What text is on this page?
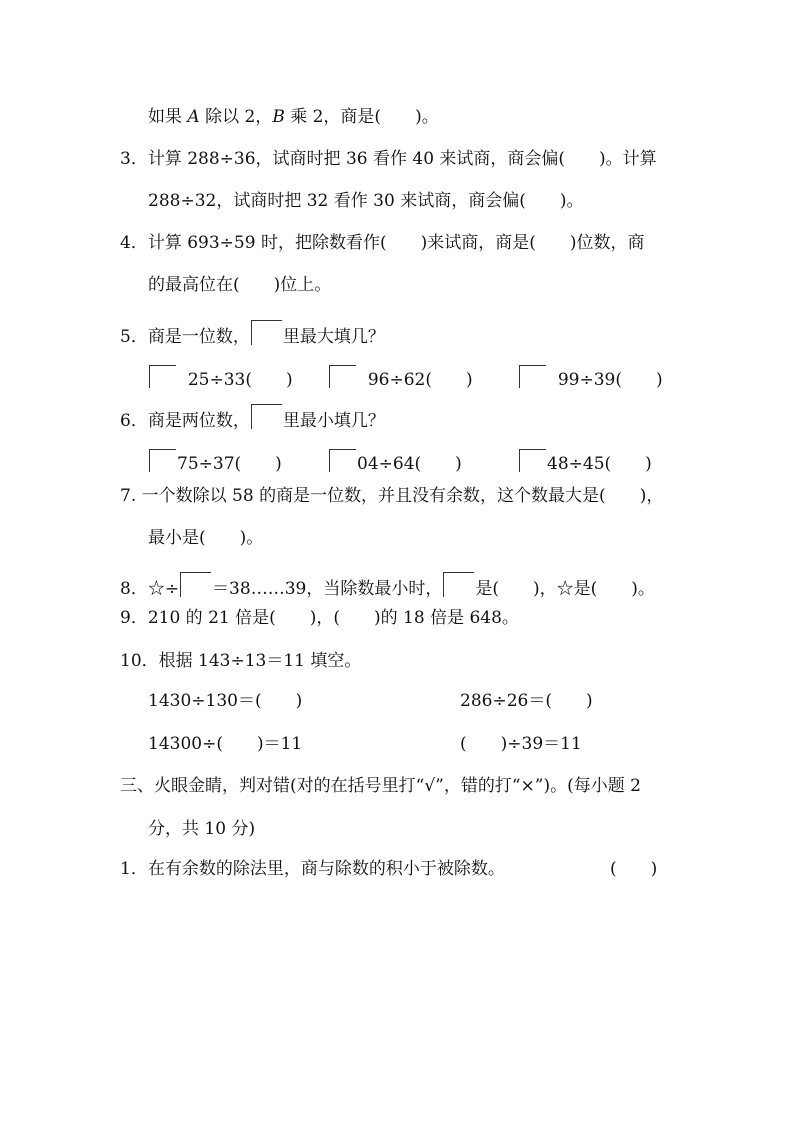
如果 A 除以 2，B 乘 2，商是(　　)。
3．计算 288÷36，试商时把 36 看作 40 来试商，商会偏(　　)。计算
288÷32，试商时把 32 看作 30 来试商，商会偏(　　)。
4．计算 693÷59 时，把除数看作(　　)来试商，商是(　　)位数，商
的最高位在(　　)位上。
5．商是一位数， 里最大填几？
25÷33(　　)	96÷62(　　)	99÷39(　　)
6．商是两位数， 里最小填几？
75÷37(　　)	04÷64(　　)	48÷45(　　)
7. 一个数除以 58 的商是一位数，并且没有余数，这个数最大是(　　)，
最小是(　　)。
8．☆÷ ＝38……39，当除数最小时， 是(　　)，☆是(　　)。
9．210 的 21 倍是(　　)，(　　)的 18 倍是 648。
10．根据 143÷13＝11 填空。
1430÷130＝(　　)	286÷26＝(　　)
14300÷(　　)＝11	(　　)÷39＝11
三、火眼金睛，判对错(对的在括号里打“√”，错的打“×”)。(每小题 2
分，共 10 分)
1．在有余数的除法里，商与除数的积小于被除数。	(　　)
